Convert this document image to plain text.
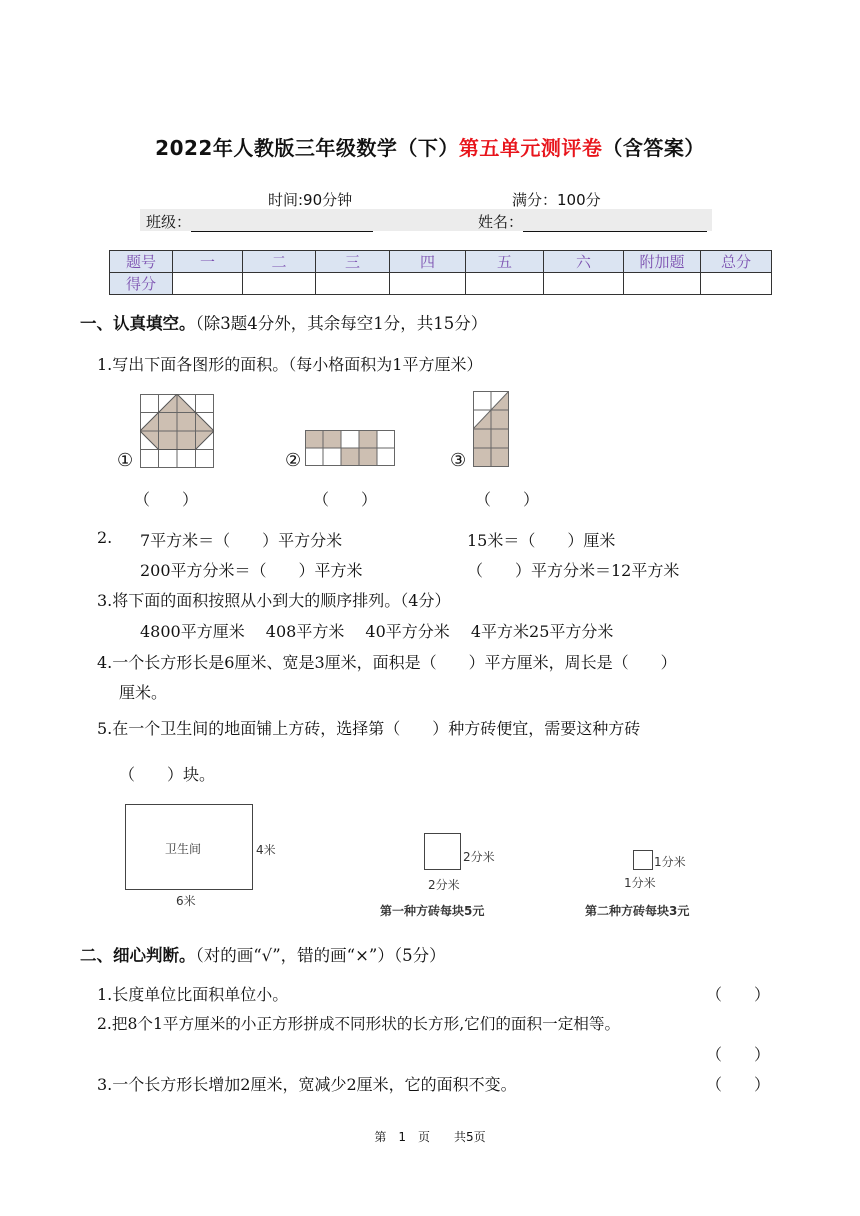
2022年人教版三年级数学（下）第五单元测评卷（含答案）
时间:90分钟	满分：100分
班级：	姓名：
题号	一	二	三	四	五	六	附加题	总分
得分								
一、认真填空。（除3题4分外，其余每空1分，共15分）
1.写出下面各图形的面积。（每小格面积为1平方厘米）
①	②	③
（　　）	（　　）	（　　）
2. 7平方米＝（　　）平方分米	15米＝（　　）厘米
200平方分米＝（　　）平方米	（　　）平方分米＝12平方米
3.将下面的面积按照从小到大的顺序排列。（4分）
4800平方厘米　 408平方米　 40平方分米　 4平方米25平方分米
4.一个长方形长是6厘米、宽是3厘米，面积是（　　）平方厘米，周长是（　　）
厘米。
5.在一个卫生间的地面铺上方砖，选择第（　　）种方砖便宜，需要这种方砖
（　　）块。
卫生间	4米
6米
2分米
2分米
第一种方砖每块5元
1分米
1分米
第二种方砖每块3元
二、细心判断。（对的画“√”，错的画“×”）（5分）
1.长度单位比面积单位小。	（　　）
2.把8个1平方厘米的小正方形拼成不同形状的长方形,它们的面积一定相等。
（　　）
3.一个长方形长增加2厘米，宽减少2厘米，它的面积不变。	（　　）
第　1　页　　共5页
